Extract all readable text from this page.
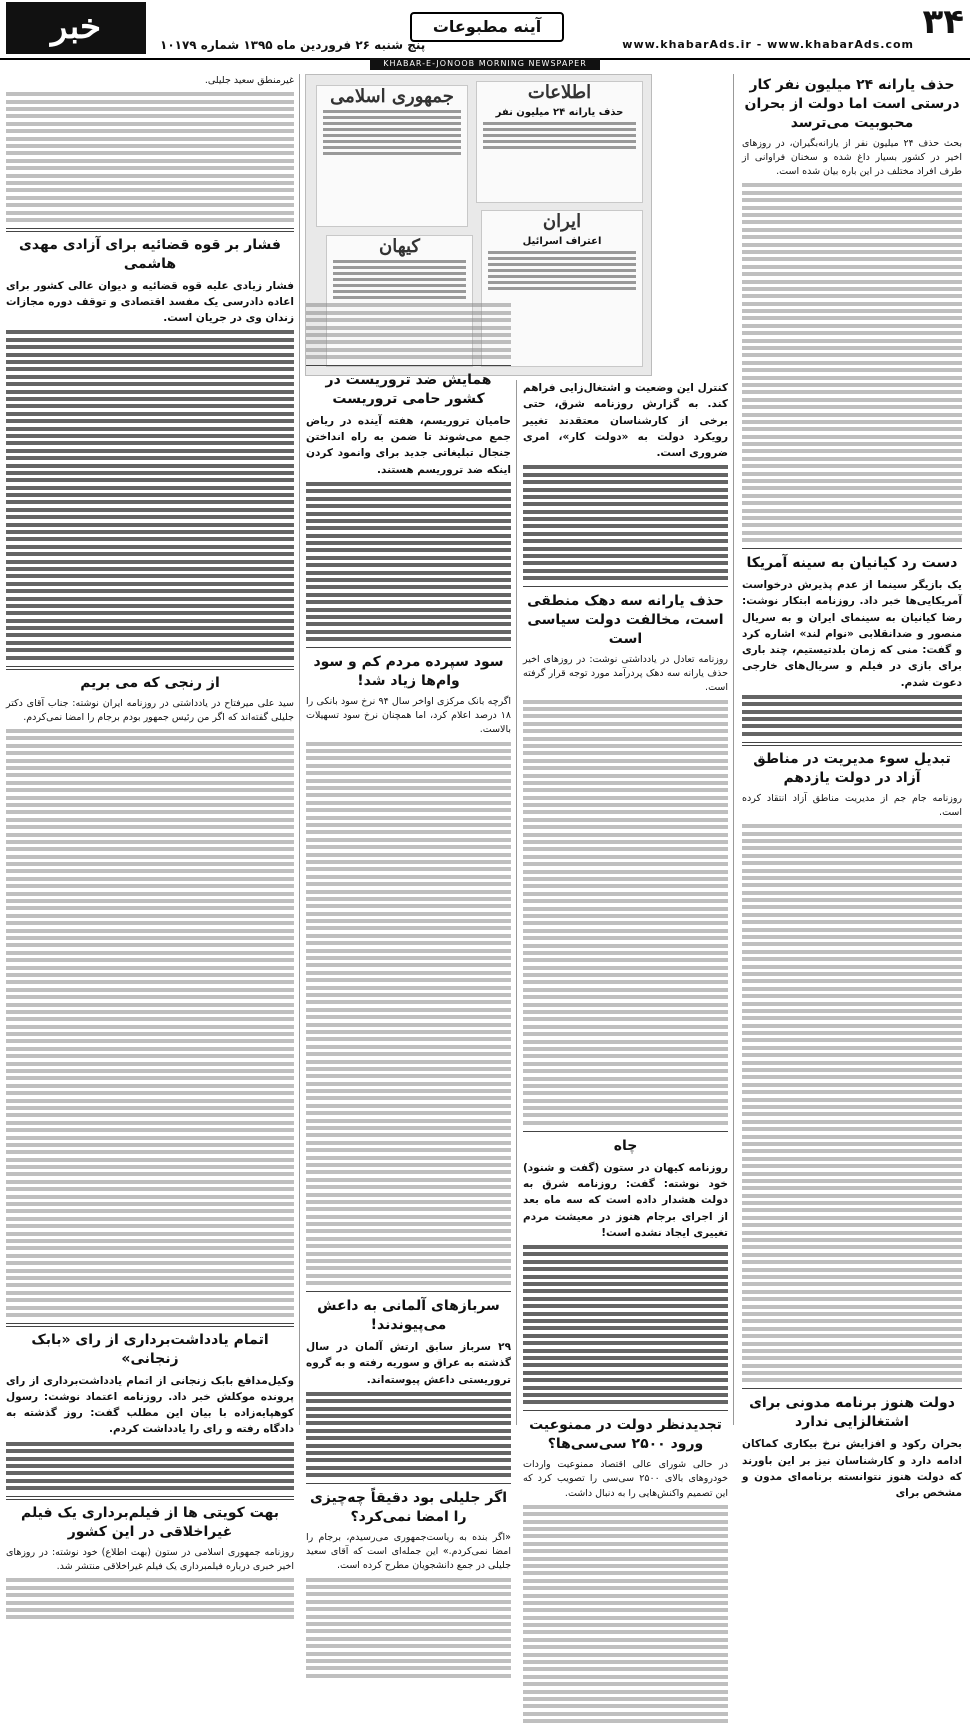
۳۴
www.khabarAds.ir - www.khabarAds.com
آینه مطبوعات
پنج شنبه ۲۶ فروردین ماه ۱۳۹۵ شماره ۱۰۱۷۹
خبر
جنوب	KHABAR-E-JONOOB MORNING NEWSPAPER
حذف یارانه ۲۴ میلیون نفر کار درستی است اما دولت از بحران محبوبیت می‌ترسد
بحث حذف ۲۴ میلیون نفر از یارانه‌بگیران، در روزهای اخیر در کشور بسیار داغ شده و سخنان فراوانی از طرف افراد مختلف در این باره بیان شده است.
دست رد کیانیان به سینه آمریکا
یک بازیگر سینما از عدم پذیرش درخواست آمریکایی‌ها خبر داد. روزنامه ابتکار نوشت: رضا کیانیان به سینمای ایران و به سریال منصور و ضدانقلابی «نوام لند» اشاره کرد و گفت: منی که زمان بلدتیستیم، چند باری برای بازی در فیلم و سریال‌های خارجی دعوت شدم.
تبدیل سوء مدیریت در مناطق آزاد در دولت یازدهم
روزنامه جام جم از مدیریت مناطق آزاد انتقاد کرده است.
دولت هنوز برنامه مدونی برای اشتغالزایی ندارد
بحران رکود و افزایش نرخ بیکاری کماکان ادامه دارد و کارشناسان نیز بر این باورند که دولت هنوز نتوانسته برنامه‌ای مدون و مشخص برای
جمهوری اسلامی	اطلاعات
حذف یارانه ۲۴ میلیون نفر
کیهان
ایران
اعتراف اسرائیل
کنترل این وضعیت و اشتغال‌زایی فراهم کند. به گزارش روزنامه شرق، حتی برخی از کارشناسان معتقدند تغییر رویکرد دولت به «دولت کار»، امری ضروری است.
حذف یارانه سه دهک منطقی است، مخالفت دولت سیاسی است
روزنامه تعادل در یادداشتی نوشت: در روزهای اخیر حذف یارانه سه دهک پردرآمد مورد توجه قرار گرفته است.
چاه
روزنامه کیهان در ستون (گفت و شنود) خود نوشته: گفت: روزنامه شرق به دولت هشدار داده است که سه ماه بعد از اجرای برجام هنوز در معیشت مردم تغییری ایجاد نشده است!
تجدیدنظر دولت در ممنوعیت ورود ۲۵۰۰ سی‌سی‌ها؟
در حالی شورای عالی اقتصاد ممنوعیت واردات خودروهای بالای ۲۵۰۰ سی‌سی را تصویب کرد که این تصمیم واکنش‌هایی را به دنبال داشت.
همایش ضد تروریست در کشور حامی تروریست
حامیان تروریسم، هفته آینده در ریاض جمع می‌شوند تا ضمن به راه انداختن جنجال تبلیغاتی جدید برای وانمود کردن اینکه ضد تروریسم هستند.
سود سپرده مردم کم و سود وام‌ها زیاد شد!
اگرچه بانک مرکزی اواخر سال ۹۴ نرخ سود بانکی را ۱۸ درصد اعلام کرد، اما همچنان نرخ سود تسهیلات بالاست.
سربازهای آلمانی به داعش می‌پیوندند!
۲۹ سرباز سابق ارتش آلمان در سال گذشته به عراق و سوریه رفته و به گروه تروریستی داعش پیوسته‌اند.
اگر جلیلی بود دقیقاً چه‌چیزی را امضا نمی‌کرد؟
«اگر بنده به ریاست‌جمهوری می‌رسیدم، برجام را امضا نمی‌کردم.» این جمله‌ای است که آقای سعید جلیلی در جمع دانشجویان مطرح کرده است.
غیرمنطق سعید جلیلی.
فشار بر قوه قضائیه برای آزادی مهدی هاشمی
فشار زیادی علیه قوه قضائیه و دیوان عالی کشور برای اعاده دادرسی یک مفسد اقتصادی و توقف دوره مجازات زندان وی در جریان است.
از رنجی که می بریم
سید علی میرفتاح در یادداشتی در روزنامه ایران نوشته: جناب آقای دکتر جلیلی گفته‌اند که اگر من رئیس جمهور بودم برجام را امضا نمی‌کردم.
اتمام یادداشت‌برداری از رای «بابک زنجانی»
وکیل‌مدافع بابک زنجانی از اتمام یادداشت‌برداری از رای پرونده موکلش خبر داد. روزنامه اعتماد نوشت: رسول کوهپایه‌زاده با بیان این مطلب گفت: روز گذشته به دادگاه رفته و رای را یادداشت کردم.
بهت کویتی ها از فیلم‌برداری یک فیلم غیراخلاقی در این کشور
روزنامه جمهوری اسلامی در ستون (بهت اطلاع) خود نوشته: در روزهای اخیر خبری درباره فیلمبرداری یک فیلم غیراخلاقی منتشر شد.
